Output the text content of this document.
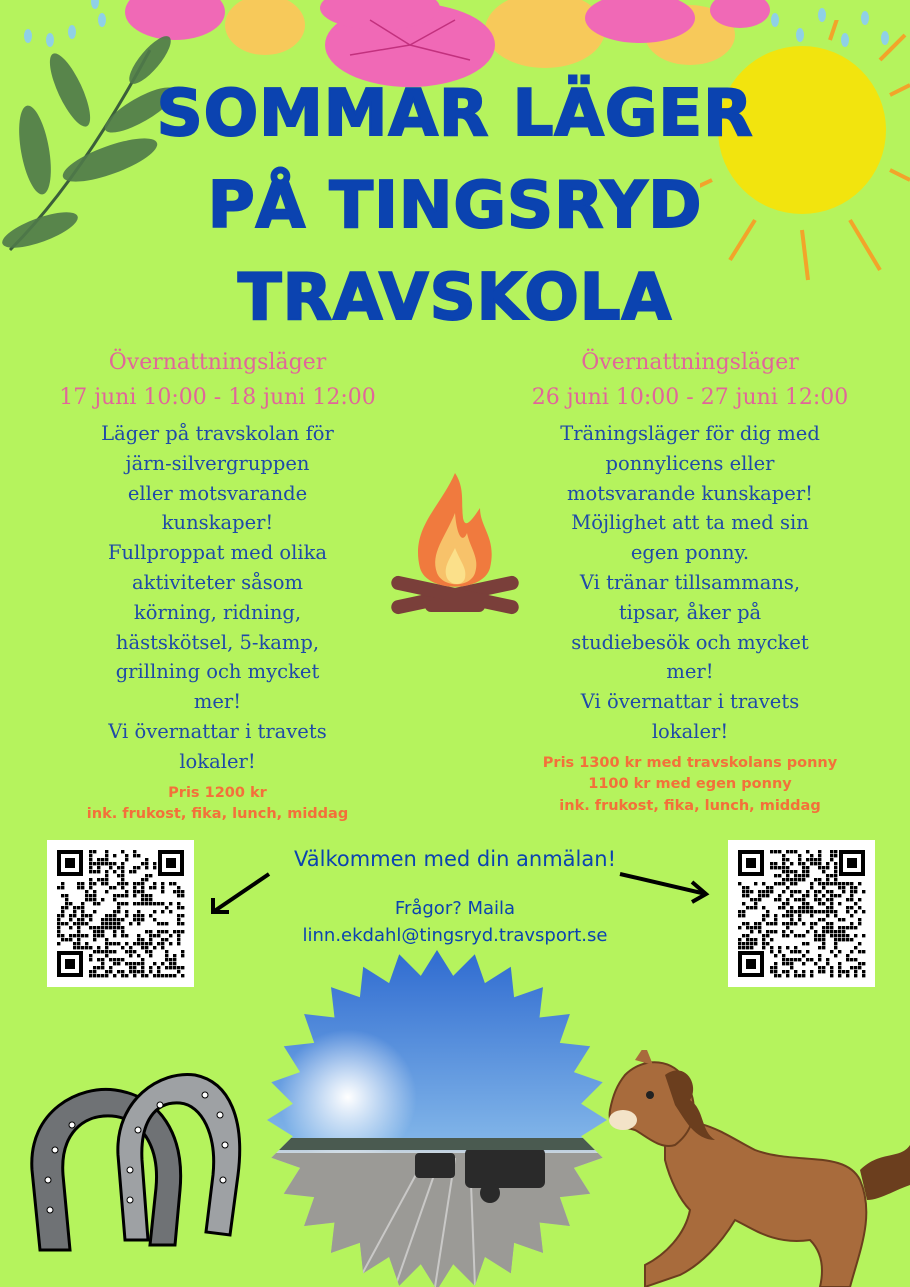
SOMMAR LÄGER
PÅ TINGSRYD
TRAVSKOLA
Övernattningsläger
17 juni 10:00 - 18 juni 12:00
Läger på travskolan för
järn-silvergruppen
eller motsvarande
kunskaper!
Fullproppat med olika
aktiviteter såsom
körning, ridning,
hästskötsel, 5-kamp,
grillning och mycket
mer!
Vi övernattar i travets
lokaler!
Pris 1200 kr
ink. frukost, fika, lunch, middag
Övernattningsläger
26 juni 10:00 - 27 juni 12:00
Träningsläger för dig med
ponnylicens eller
motsvarande kunskaper!
Möjlighet att ta med sin
egen ponny.
Vi tränar tillsammans,
tipsar, åker på
studiebesök och mycket
mer!
Vi övernattar i travets
lokaler!
Pris 1300 kr med travskolans ponny
1100 kr med egen ponny
ink. frukost, fika, lunch, middag
Välkommen med din anmälan!
Frågor? Maila
linn.ekdahl@tingsryd.travsport.se
